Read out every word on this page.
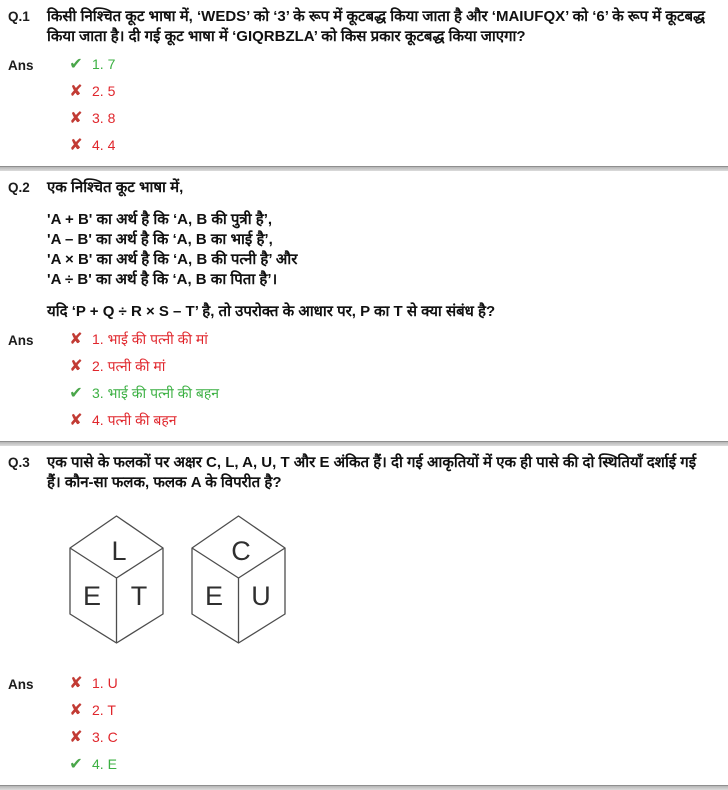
Q.1	किसी निश्चित कूट भाषा में, ‘WEDS’ को ‘3’ के रूप में कूटबद्ध किया जाता है और ‘MAIUFQX’ को ‘6’ के रूप में कूटबद्ध किया जाता है। दी गई कूट भाषा में ‘GIQRBZLA’ को किस प्रकार कूटबद्ध किया जाएगा?

Ans	✔ 1. 7
✘ 2. 5
✘ 3. 8
✘ 4. 4
Q.2	एक निश्चित कूट भाषा में,

'A + B' का अर्थ है कि ‘A, B की पुत्री है’,
'A – B' का अर्थ है कि ‘A, B का भाई है’,
'A × B' का अर्थ है कि ‘A, B की पत्नी है’ और
'A ÷ B' का अर्थ है कि ‘A, B का पिता है’।

यदि ‘P + Q ÷ R × S – T’ है, तो उपरोक्त के आधार पर, P का T से क्या संबंध है?

Ans	✘ 1. भाई की पत्नी की मां
✘ 2. पत्नी की मां
✔ 3. भाई की पत्नी की बहन
✘ 4. पत्नी की बहन
Q.3	एक पासे के फलकों पर अक्षर C, L, A, U, T और E अंकित हैं। दी गई आकृतियों में एक ही पासे की दो स्थितियाँ दर्शाई गई हैं। कौन-सा फलक, फलक A के विपरीत है?

L
E T
C
E U
Ans	✘ 1. U
✘ 2. T
✘ 3. C
✔ 4. E
